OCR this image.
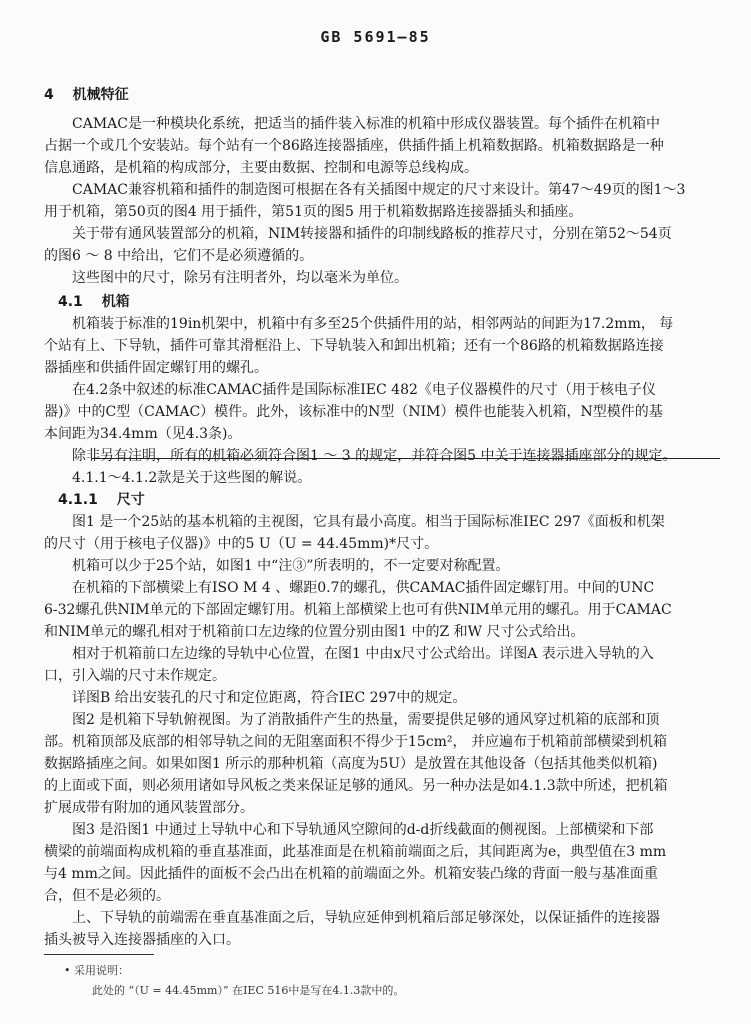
GB 5691—85
4 机械特征
CAMAC是一种模块化系统，把适当的插件装入标准的机箱中形成仪器装置。每个插件在机箱中
占据一个或几个安装站。每个站有一个86路连接器插座，供插件插上机箱数据路。机箱数据路是一种
信息通路，是机箱的构成部分，主要由数据、控制和电源等总线构成。
CAMAC兼容机箱和插件的制造图可根据在各有关插图中规定的尺寸来设计。第47～49页的图1～3
用于机箱，第50页的图4 用于插件，第51页的图5 用于机箱数据路连接器插头和插座。
关于带有通风装置部分的机箱，NIM转接器和插件的印制线路板的推荐尺寸，分别在第52～54页
的图6 ～ 8 中给出，它们不是必须遵循的。
这些图中的尺寸，除另有注明者外，均以毫米为单位。
4.1 机箱
机箱装于标准的19in机架中，机箱中有多至25个供插件用的站，相邻两站的间距为17.2mm， 每
个站有上、下导轨，插件可靠其滑框沿上、下导轨装入和卸出机箱；还有一个86路的机箱数据路连接
器插座和供插件固定螺钉用的螺孔。
在4.2条中叙述的标准CAMAC插件是国际标准IEC 482《电子仪器模件的尺寸（用于核电子仪
器)》中的C型（CAMAC）模件。此外，该标准中的N型（NIM）模件也能装入机箱，N型模件的基
本间距为34.4mm（见4.3条)。
除非另有注明，所有的机箱必须符合图1 ～ 3 的规定，并符合图5 中关于连接器插座部分的规定。
4.1.1～4.1.2款是关于这些图的解说。
4.1.1 尺寸
图1 是一个25站的基本机箱的主视图，它具有最小高度。相当于国际标准IEC 297《面板和机架
的尺寸（用于核电子仪器)》中的5 U（U = 44.45mm)*尺寸。
机箱可以少于25个站，如图1 中“注③”所表明的，不一定要对称配置。
在机箱的下部横梁上有ISO M 4 、螺距0.7的螺孔，供CAMAC插件固定螺钉用。中间的UNC
6-32螺孔供NIM单元的下部固定螺钉用。机箱上部横梁上也可有供NIM单元用的螺孔。用于CAMAC
和NIM单元的螺孔相对于机箱前口左边缘的位置分别由图1 中的Z 和W 尺寸公式给出。
相对于机箱前口左边缘的导轨中心位置，在图1 中由x尺寸公式给出。详图A 表示进入导轨的入
口，引入端的尺寸未作规定。
详图B 给出安装孔的尺寸和定位距离，符合IEC 297中的规定。
图2 是机箱下导轨俯视图。为了消散插件产生的热量，需要提供足够的通风穿过机箱的底部和顶
部。机箱顶部及底部的相邻导轨之间的无阻塞面积不得少于15cm²， 并应遍布于机箱前部横梁到机箱
数据路插座之间。如果如图1 所示的那种机箱（高度为5U）是放置在其他设备（包括其他类似机箱)
的上面或下面，则必须用诸如导风板之类来保证足够的通风。另一种办法是如4.1.3款中所述，把机箱
扩展成带有附加的通风装置部分。
图3 是沿图1 中通过上导轨中心和下导轨通风空隙间的d-d折线截面的侧视图。上部横梁和下部
横梁的前端面构成机箱的垂直基准面，此基准面是在机箱前端面之后，其间距离为e，典型值在3 mm
与4 mm之间。因此插件的面板不会凸出在机箱的前端面之外。机箱安装凸缘的背面一般与基准面重
合，但不是必须的。
上、下导轨的前端需在垂直基准面之后，导轨应延伸到机箱后部足够深处，以保证插件的连接器
插头被导入连接器插座的入口。
• 采用说明：
此处的 “（U = 44.45mm）” 在IEC 516中是写在4.1.3款中的。
